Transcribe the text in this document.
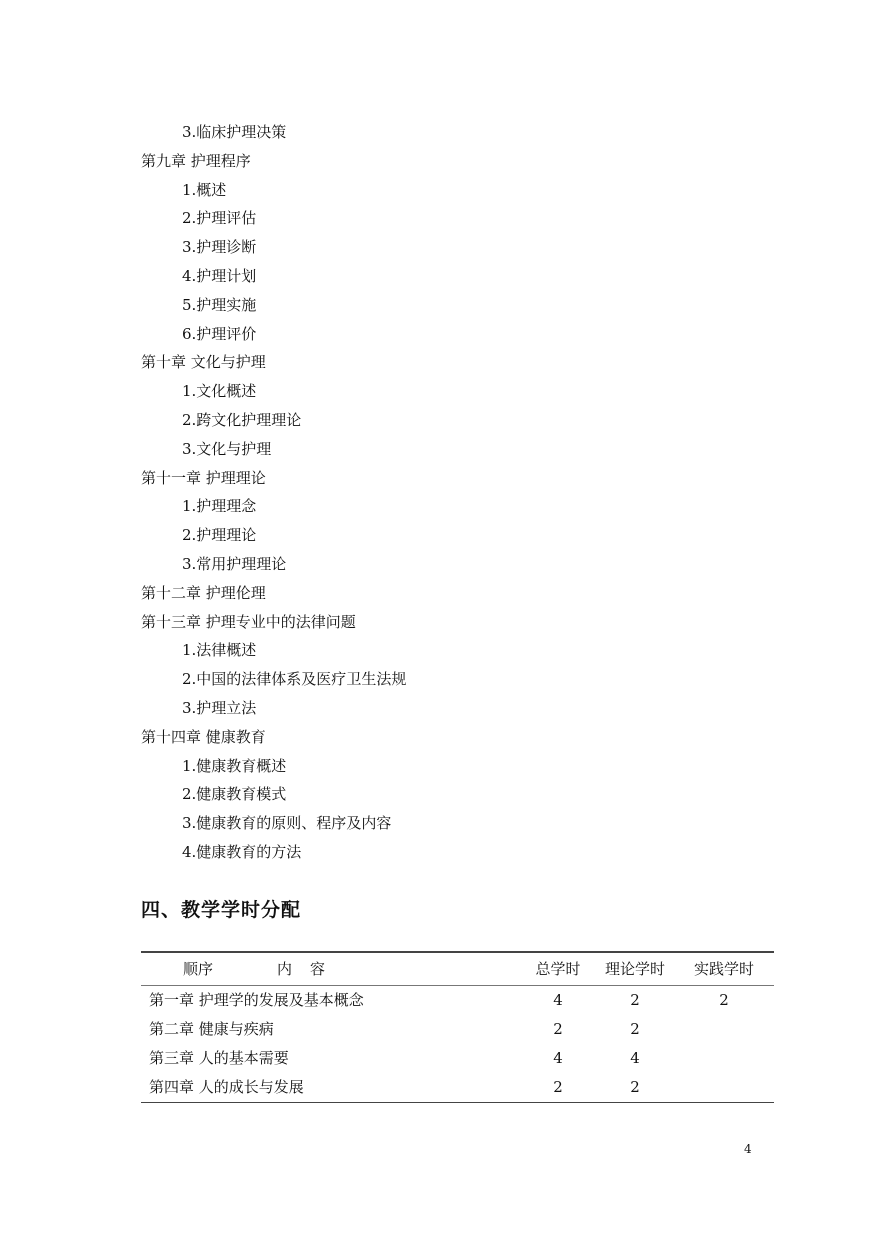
3.临床护理决策
第九章 护理程序
1.概述
2.护理评估
3.护理诊断
4.护理计划
5.护理实施
6.护理评价
第十章 文化与护理
1.文化概述
2.跨文化护理理论
3.文化与护理
第十一章 护理理论
1.护理理念
2.护理理论
3.常用护理理论
第十二章 护理伦理
第十三章 护理专业中的法律问题
1.法律概述
2.中国的法律体系及医疗卫生法规
3.护理立法
第十四章 健康教育
1.健康教育概述
2.健康教育模式
3.健康教育的原则、程序及内容
4.健康教育的方法
四、教学学时分配
顺序	内容	总学时	理论学时	实践学时
第一章 护理学的发展及基本概念	4	2	2
第二章 健康与疾病	2	2
第三章 人的基本需要	4	4
第四章 人的成长与发展	2	2
4
